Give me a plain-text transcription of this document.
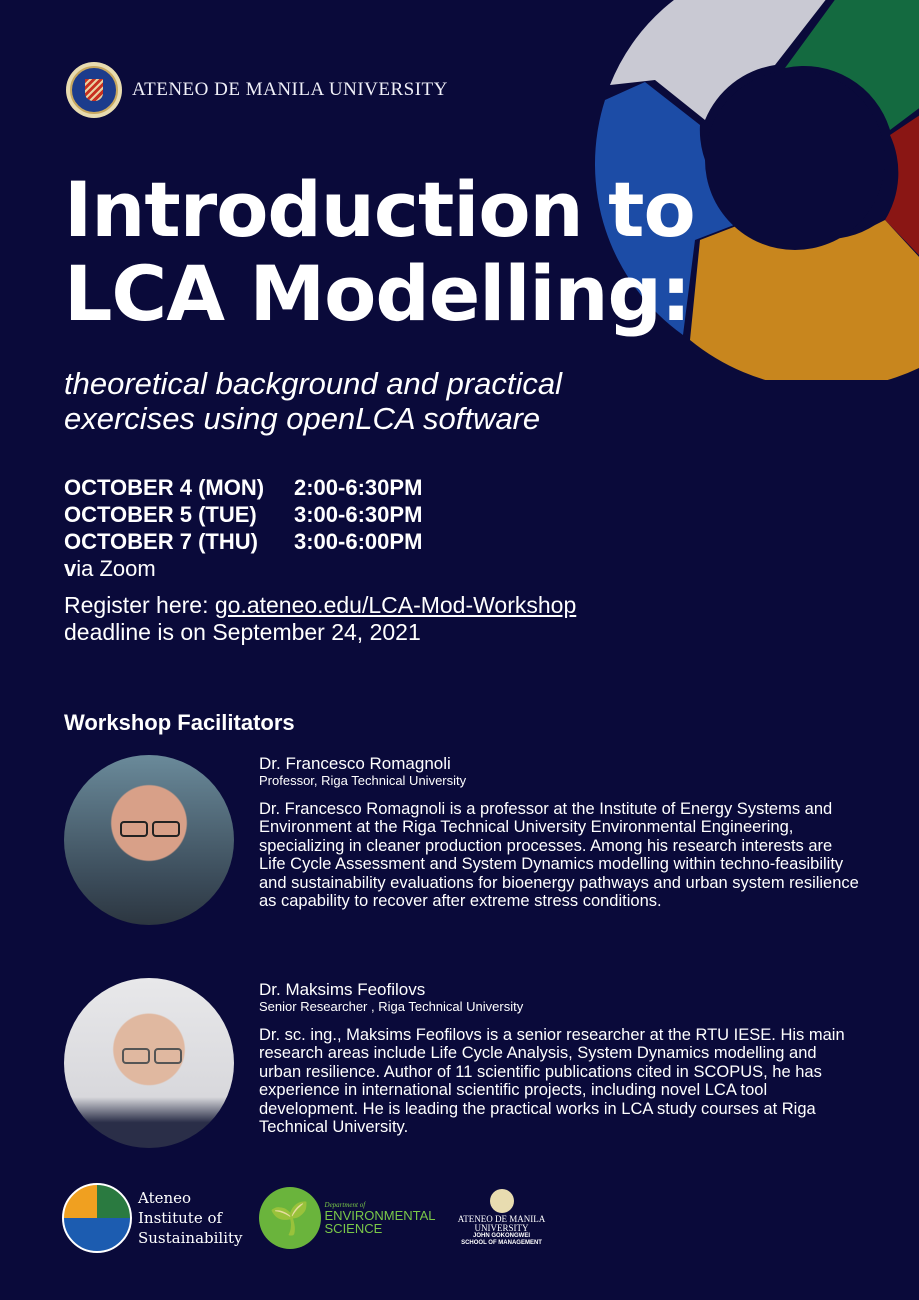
ATENEO DE MANILA UNIVERSITY
Introduction to
LCA Modelling:
theoretical background and practical
exercises using openLCA software
OCTOBER 4 (MON)	2:00-6:30PM
OCTOBER 5 (TUE)	3:00-6:30PM
OCTOBER 7 (THU)	3:00-6:00PM
via Zoom
Register here: go.ateneo.edu/LCA-Mod-Workshop
deadline is on September 24, 2021
Workshop Facilitators
Dr. Francesco Romagnoli
Professor, Riga Technical University
Dr. Francesco Romagnoli is a professor at the Institute of Energy Systems and Environment at the Riga Technical University Environmental Engineering, specializing in cleaner production processes. Among his research interests are Life Cycle Assessment and System Dynamics modelling within techno-feasibility and sustainability evaluations for bioenergy pathways and urban system resilience as capability to recover after extreme stress conditions.
Dr. Maksims Feofilovs
Senior Researcher , Riga Technical University
Dr. sc. ing., Maksims Feofilovs is a senior researcher at the RTU IESE. His main research areas include Life Cycle Analysis, System Dynamics modelling and urban resilience. Author of 11 scientific publications cited in SCOPUS, he has experience in international scientific projects, including novel LCA tool development. He is leading the practical works in LCA study courses at Riga Technical University.
Ateneo
Institute of
Sustainability
🌱	Department of
ENVIRONMENTAL
SCIENCE
ATENEO DE MANILA
UNIVERSITY
JOHN GOKONGWEI
SCHOOL OF MANAGEMENT
